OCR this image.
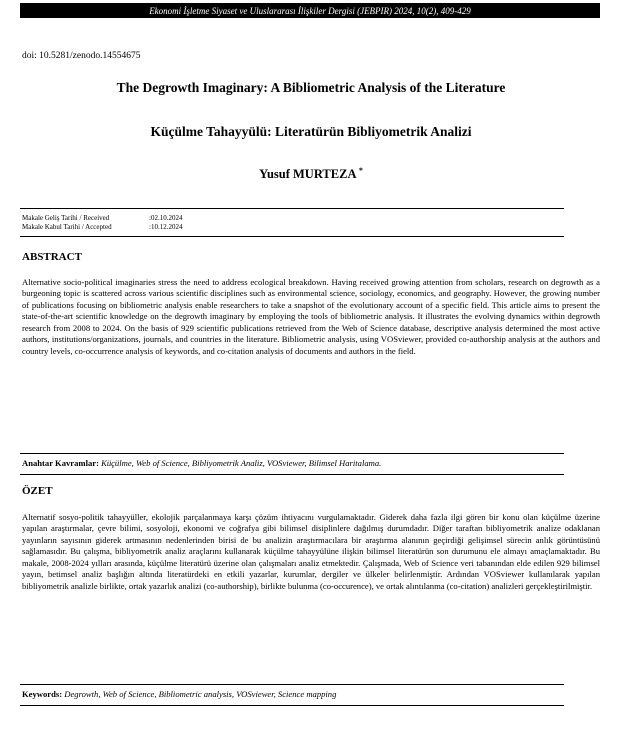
Ekonomi İşletme Siyaset ve Uluslararası İlişkiler Dergisi (JEBPIR) 2024, 10(2), 409-429
doi: 10.5281/zenodo.14554675
The Degrowth Imaginary: A Bibliometric Analysis of the Literature
Küçülme Tahayyülü: Literatürün Bibliyometrik Analizi
Yusuf MURTEZA *
Makale Geliş Tarihi / Received	:02.10.2024
Makale Kabul Tarihi / Accepted	:10.12.2024
ABSTRACT

Alternative socio-political imaginaries stress the need to address ecological breakdown. Having received growing attention from scholars, research on degrowth as a burgeoning topic is scattered across various scientific disciplines such as environmental science, sociology, economics, and geography. However, the growing number of publications focusing on bibliometric analysis enable researchers to take a snapshot of the evolutionary account of a specific field. This article aims to present the state-of-the-art scientific knowledge on the degrowth imaginary by employing the tools of bibliometric analysis. It illustrates the evolving dynamics within degrowth research from 2008 to 2024. On the basis of 929 scientific publications retrieved from the Web of Science database, descriptive analysis determined the most active authors, institutions/organizations, journals, and countries in the literature. Bibliometric analysis, using VOSviewer, provided co-authorship analysis at the authors and country levels, co-occurrence analysis of keywords, and co-citation analysis of documents and authors in the field.

Anahtar Kavramlar: Küçülme, Web of Science, Bibliyometrik Analiz, VOSviewer, Bilimsel Haritalama.
ÖZET

Alternatif sosyo-politik tahayyüller, ekolojik parçalanmaya karşı çözüm ihtiyacını vurgulamaktadır. Giderek daha fazla ilgi gören bir konu olan küçülme üzerine yapılan araştırmalar, çevre bilimi, sosyoloji, ekonomi ve coğrafya gibi bilimsel disiplinlere dağılmış durumdadır. Diğer taraftan bibliyometrik analize odaklanan yayınların sayısının giderek artmasının nedenlerinden birisi de bu analizin araştırmacılara bir araştırma alanının geçirdiği gelişimsel sürecin anlık görüntüsünü sağlamasıdır. Bu çalışma, bibliyometrik analiz araçlarını kullanarak küçülme tahayyülüne ilişkin bilimsel literatürün son durumunu ele almayı amaçlamaktadır. Bu makale, 2008-2024 yılları arasında, küçülme literatürü üzerine olan çalışmaları analiz etmektedir. Çalışmada, Web of Science veri tabanından elde edilen 929 bilimsel yayın, betimsel analiz başlığın altında literatürdeki en etkili yazarlar, kurumlar, dergiler ve ülkeler belirlenmiştir. Ardından VOSviewer kullanılarak yapılan bibliyometrik analizle birlikte, ortak yazarlık analizi (co-authorship), birlikte bulunma (co-occurence), ve ortak alıntılanma (co-citation) analizleri gerçekleştirilmiştir.

Keywords: Degrowth, Web of Science, Bibliometric analysis, VOSviewer, Science mapping
